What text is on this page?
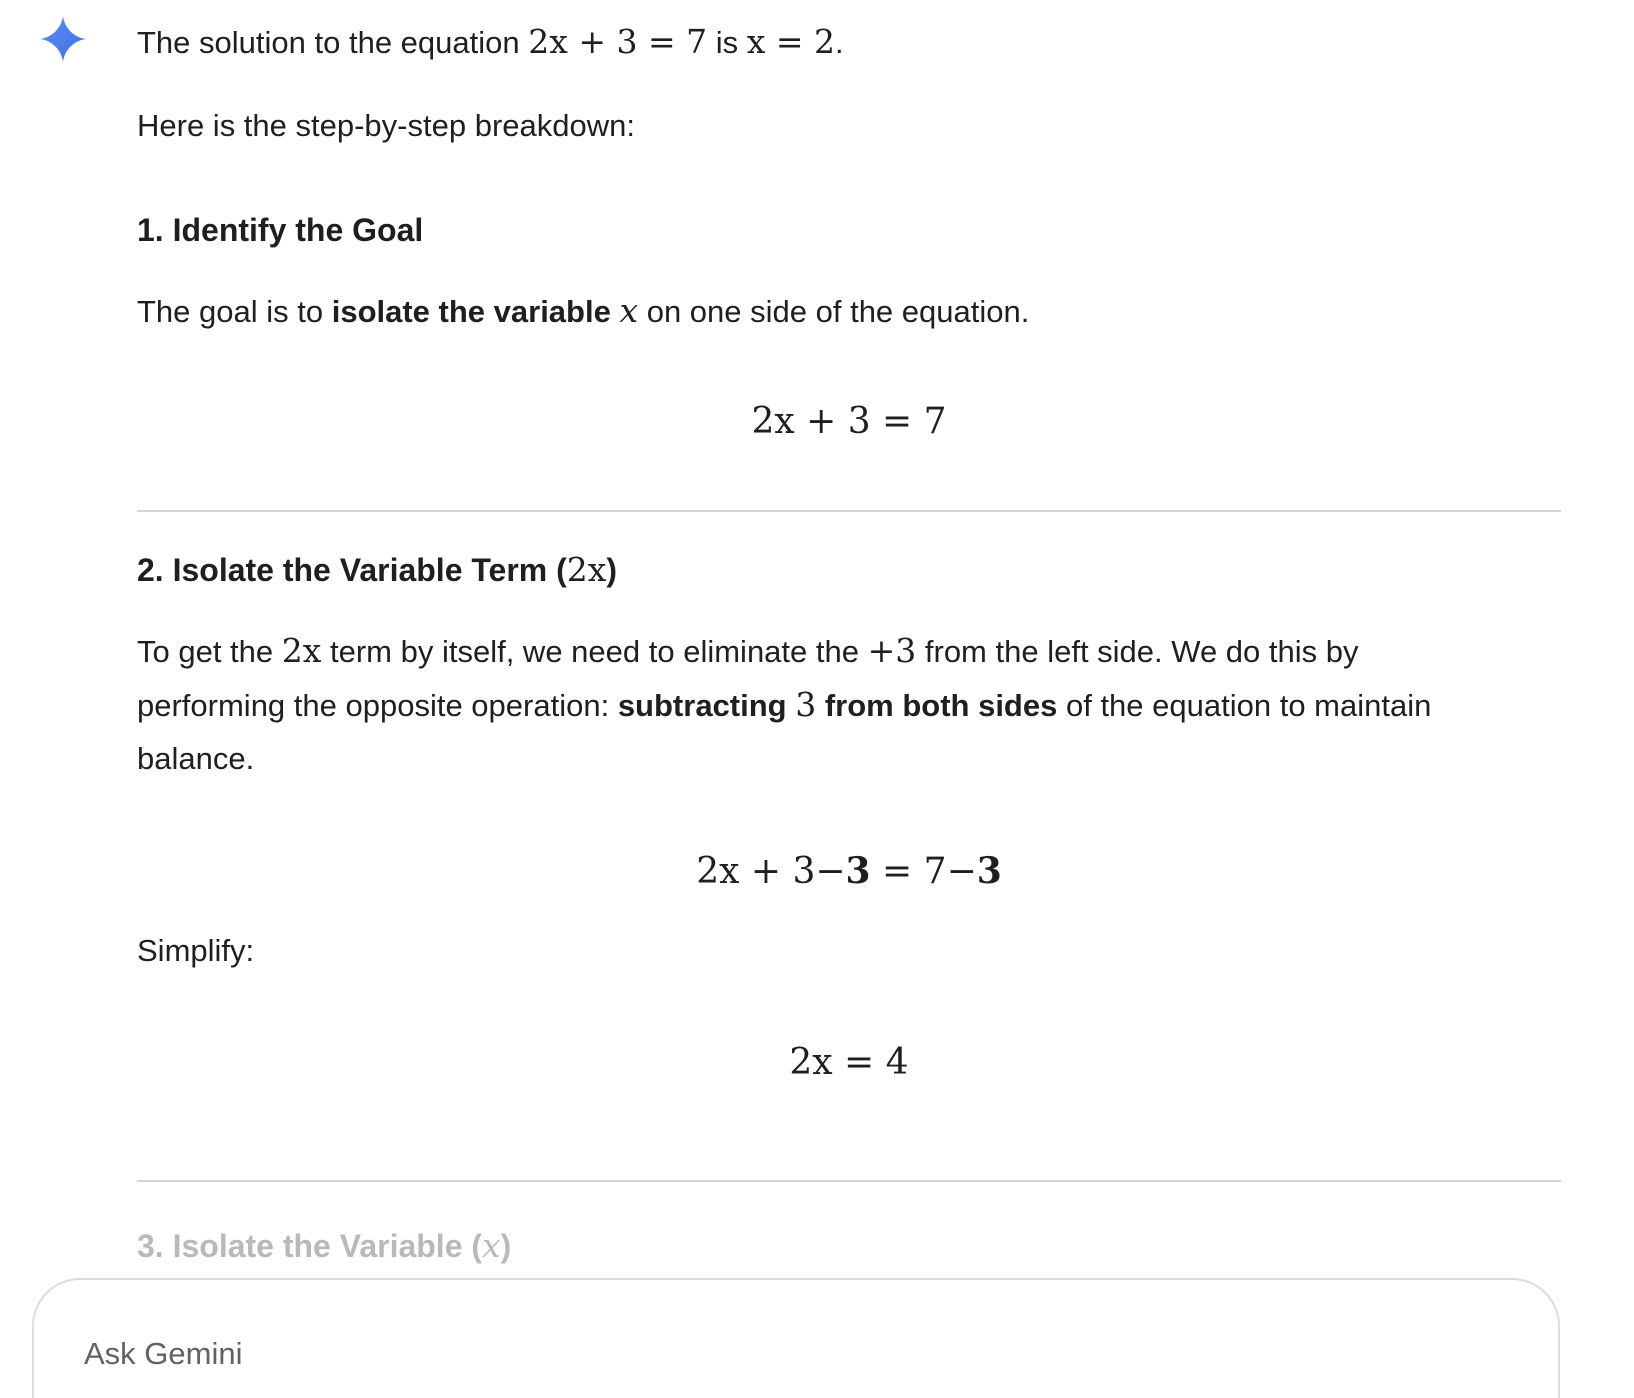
The solution to the equation 2x + 3 = 7 is x = 2.

Here is the step-by-step breakdown:

1. Identify the Goal

The goal is to isolate the variable x on one side of the equation.

2x + 3 = 7
2. Isolate the Variable Term (2x)

To get the 2x term by itself, we need to eliminate the +3 from the left side. We do this by

performing the opposite operation: subtracting 3 from both sides of the equation to maintain

balance.

2x + 3−3 = 7−3

Simplify:

2x = 4
3. Isolate the Variable (x)
Ask Gemini
